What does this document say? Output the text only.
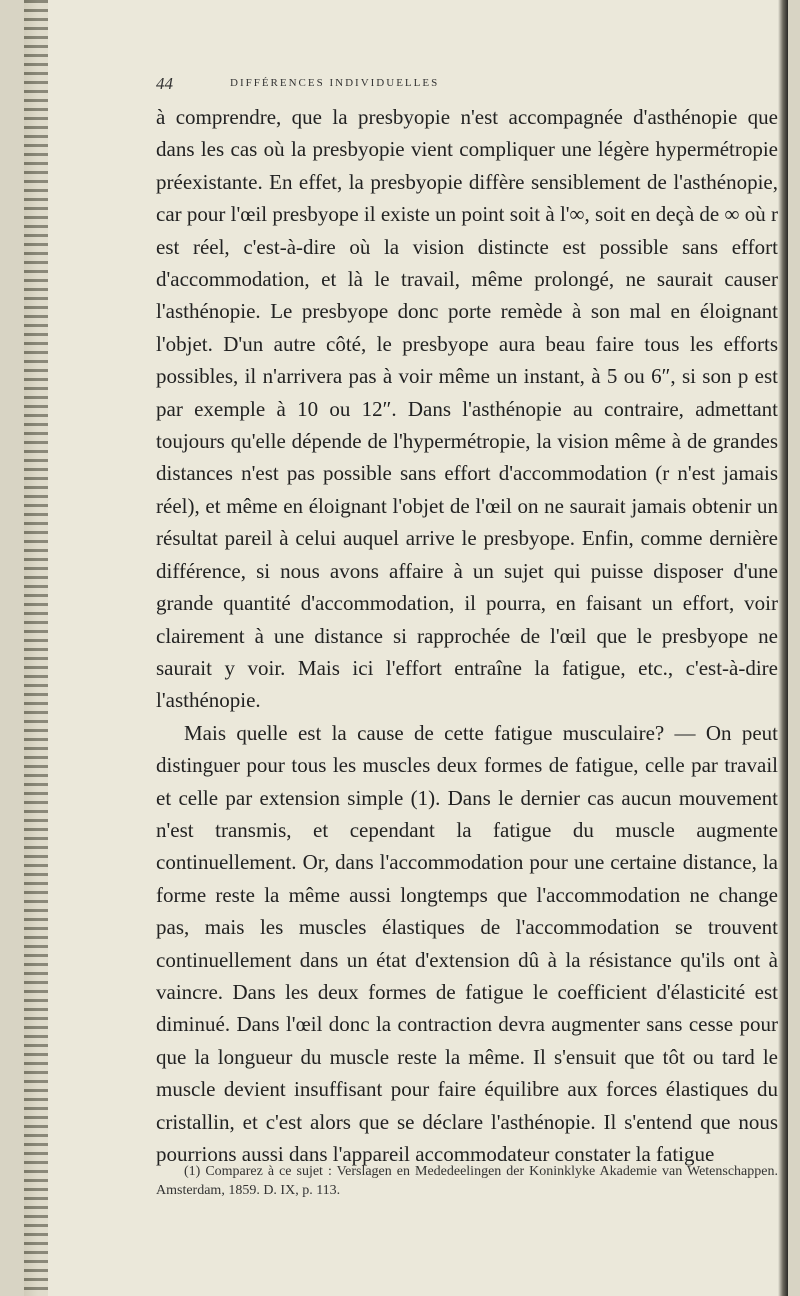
44	DIFFÉRENCES INDIVIDUELLES

à comprendre, que la presbyopie n'est accompagnée d'asthénopie que dans les cas où la presbyopie vient compliquer une légère hypermétropie préexistante. En effet, la presbyopie diffère sensiblement de l'asthénopie, car pour l'œil presbyope il existe un point soit à l'∞, soit en deçà de ∞ où r est réel, c'est-à-dire où la vision distincte est possible sans effort d'accommodation, et là le travail, même prolongé, ne saurait causer l'asthénopie. Le presbyope donc porte remède à son mal en éloignant l'objet. D'un autre côté, le presbyope aura beau faire tous les efforts possibles, il n'arrivera pas à voir même un instant, à 5 ou 6″, si son p est par exemple à 10 ou 12″. Dans l'asthénopie au contraire, admettant toujours qu'elle dépende de l'hypermétropie, la vision même à de grandes distances n'est pas possible sans effort d'accommodation (r n'est jamais réel), et même en éloignant l'objet de l'œil on ne saurait jamais obtenir un résultat pareil à celui auquel arrive le presbyope. Enfin, comme dernière différence, si nous avons affaire à un sujet qui puisse disposer d'une grande quantité d'accommodation, il pourra, en faisant un effort, voir clairement à une distance si rapprochée de l'œil que le presbyope ne saurait y voir. Mais ici l'effort entraîne la fatigue, etc., c'est-à-dire l'asthénopie.

Mais quelle est la cause de cette fatigue musculaire? — On peut distinguer pour tous les muscles deux formes de fatigue, celle par travail et celle par extension simple (1). Dans le dernier cas aucun mouvement n'est transmis, et cependant la fatigue du muscle augmente continuellement. Or, dans l'accommodation pour une certaine distance, la forme reste la même aussi longtemps que l'accommodation ne change pas, mais les muscles élastiques de l'accommodation se trouvent continuellement dans un état d'extension dû à la résistance qu'ils ont à vaincre. Dans les deux formes de fatigue le coefficient d'élasticité est diminué. Dans l'œil donc la contraction devra augmenter sans cesse pour que la longueur du muscle reste la même. Il s'ensuit que tôt ou tard le muscle devient insuffisant pour faire équilibre aux forces élastiques du cristallin, et c'est alors que se déclare l'asthénopie. Il s'entend que nous pourrions aussi dans l'appareil accommodateur constater la fatigue

(1) Comparez à ce sujet : Verslagen en Mededeelingen der Koninklyke Akademie van Wetenschappen. Amsterdam, 1859. D. IX, p. 113.
